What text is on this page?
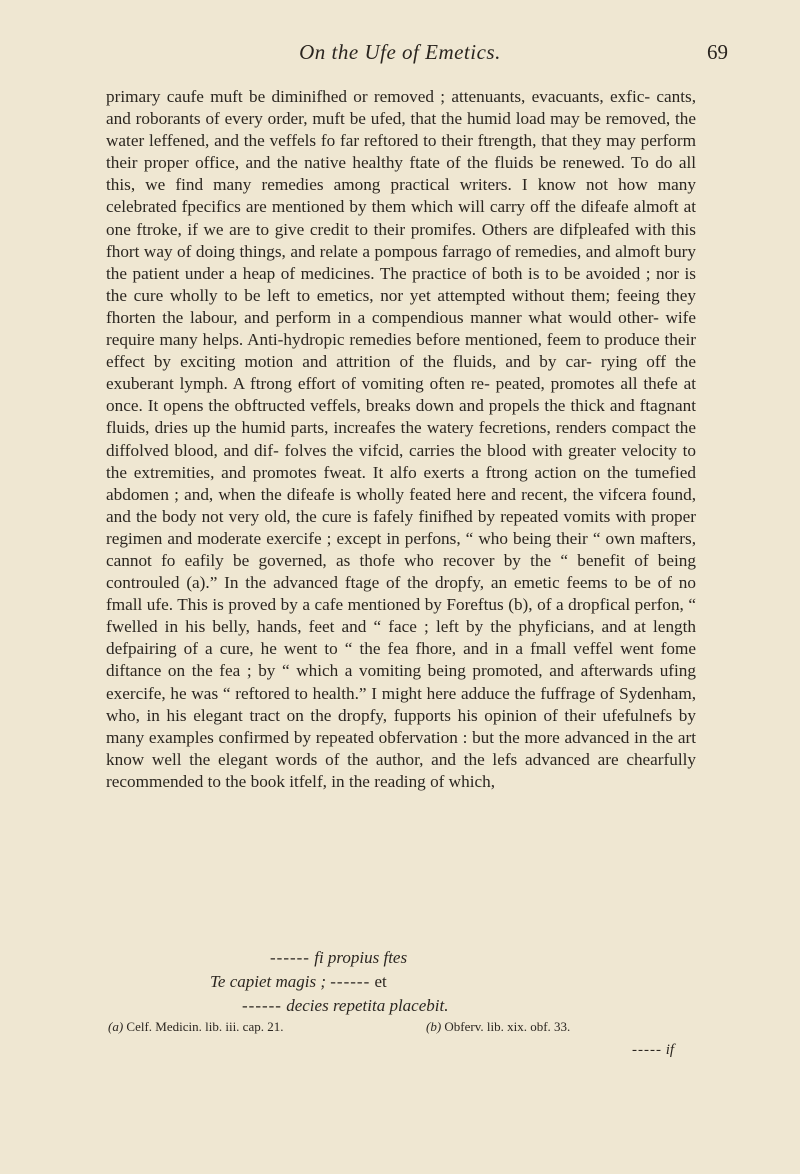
On the Ufe of Emetics.	69

primary caufe muft be diminifhed or removed ; attenuants, evacuants, exfic- cants, and roborants of every order, muft be ufed, that the humid load may be removed, the water leffened, and the veffels fo far reftored to their ftrength, that they may perform their proper office, and the native healthy ftate of the fluids be renewed. To do all this, we find many remedies among practical writers. I know not how many celebrated fpecifics are mentioned by them which will carry off the difeafe almoft at one ftroke, if we are to give credit to their promifes. Others are difpleafed with this fhort way of doing things, and relate a pompous farrago of remedies, and almoft bury the patient under a heap of medicines. The practice of both is to be avoided ; nor is the cure wholly to be left to emetics, nor yet attempted without them; feeing they fhorten the labour, and perform in a compendious manner what would other- wife require many helps. Anti-hydropic remedies before mentioned, feem to produce their effect by exciting motion and attrition of the fluids, and by car- rying off the exuberant lymph. A ftrong effort of vomiting often re- peated, promotes all thefe at once. It opens the obftructed veffels, breaks down and propels the thick and ftagnant fluids, dries up the humid parts, increafes the watery fecretions, renders compact the diffolved blood, and dif- folves the vifcid, carries the blood with greater velocity to the extremities, and promotes fweat. It alfo exerts a ftrong action on the tumefied abdomen ; and, when the difeafe is wholly feated here and recent, the vifcera found, and the body not very old, the cure is fafely finifhed by repeated vomits with proper regimen and moderate exercife ; except in perfons, “ who being their “ own mafters, cannot fo eafily be governed, as thofe who recover by the “ benefit of being controuled (a).” In the advanced ftage of the dropfy, an emetic feems to be of no fmall ufe. This is proved by a cafe mentioned by Foreftus (b), of a dropfical perfon, “ fwelled in his belly, hands, feet and “ face ; left by the phyficians, and at length defpairing of a cure, he went to “ the fea fhore, and in a fmall veffel went fome diftance on the fea ; by “ which a vomiting being promoted, and afterwards ufing exercife, he was “ reftored to health.” I might here adduce the fuffrage of Sydenham, who, in his elegant tract on the dropfy, fupports his opinion of their ufefulnefs by many examples confirmed by repeated obfervation : but the more advanced in the art know well the elegant words of the author, and the lefs advanced are chearfully recommended to the book itfelf, in the reading of which,

------ fi propius ftes
Te capiet magis ; ------ et
------ decies repetita placebit.
(a) Celf. Medicin. lib. iii. cap. 21.	(b) Obferv. lib. xix. obf. 33.
----- if
